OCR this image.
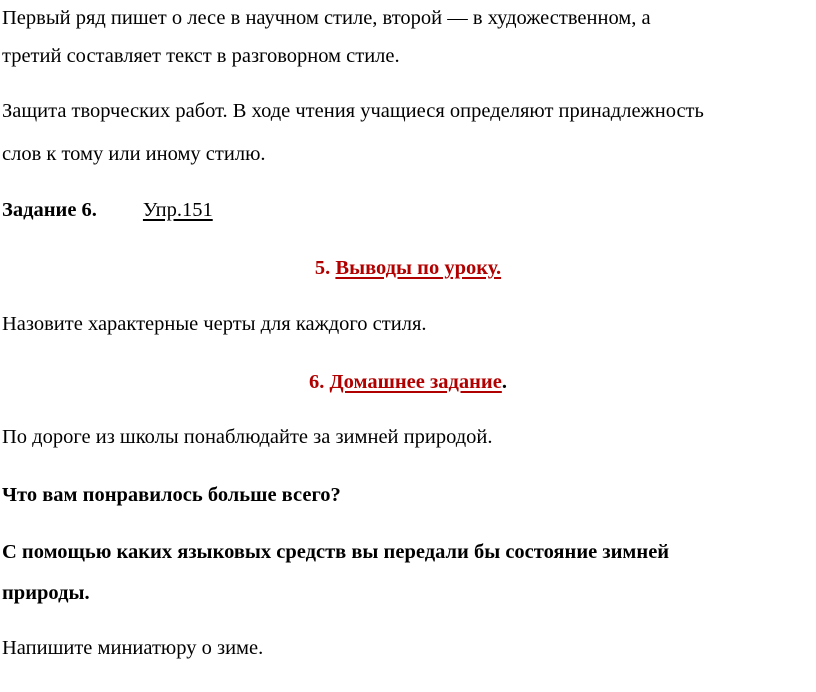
Первый ряд пишет о лесе в научном стиле, второй — в художественном, а

третий составляет текст в разговорном стиле.

Защита творческих работ. В ходе чтения учащиеся определяют принадлежность

слов к тому или иному стилю.

Задание 6. Упр.151

5. Выводы по уроку.

Назовите характерные черты для каждого стиля.

6. Домашнее задание.

По дороге из школы понаблюдайте за зимней природой.

Что вам понравилось больше всего?

С помощью каких языковых средств вы передали бы состояние зимней

природы.

Напишите миниатюру о зиме.
